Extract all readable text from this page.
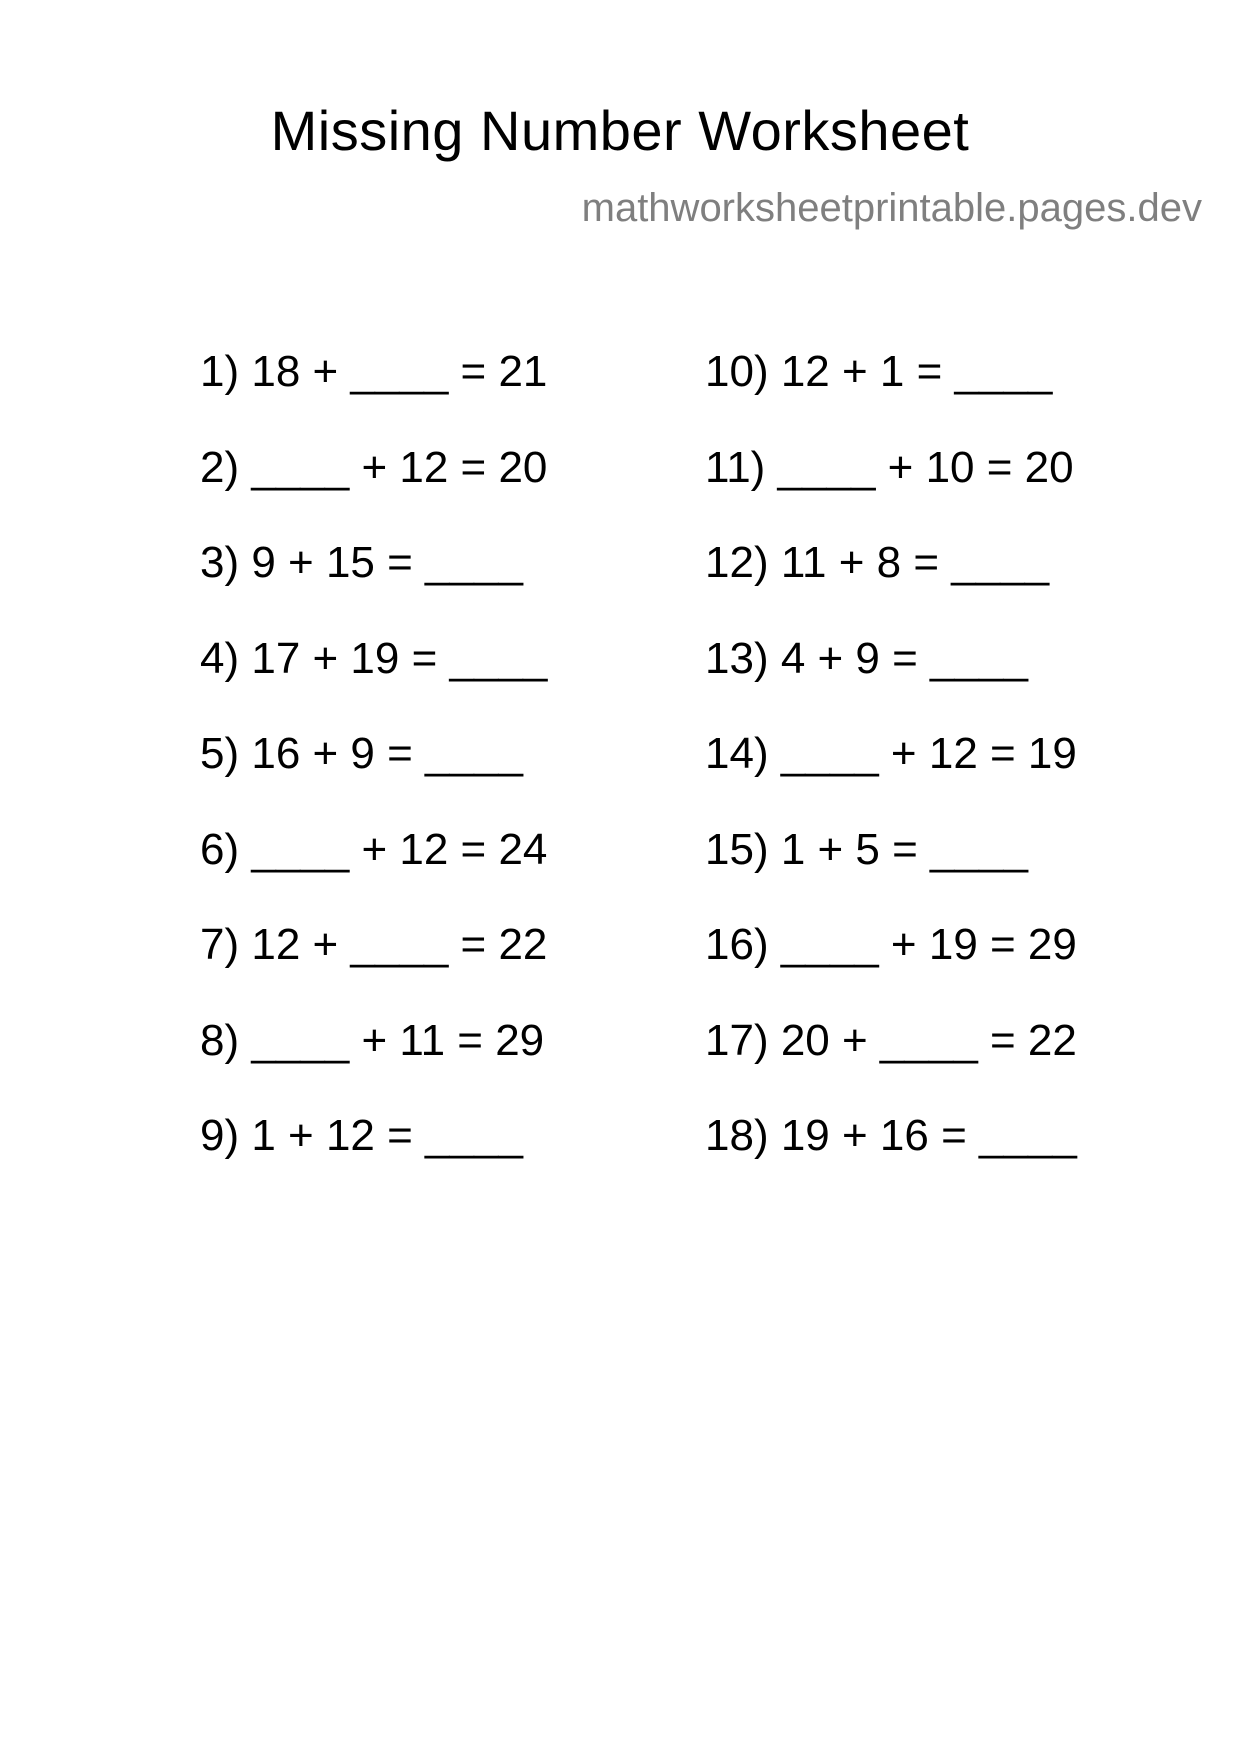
Missing Number Worksheet
mathworksheetprintable.pages.dev
1) 18 + ____ = 21
2) ____ + 12 = 20
3) 9 + 15 = ____
4) 17 + 19 = ____
5) 16 + 9 = ____
6) ____ + 12 = 24
7) 12 + ____ = 22
8) ____ + 11 = 29
9) 1 + 12 = ____
10) 12 + 1 = ____
11) ____ + 10 = 20
12) 11 + 8 = ____
13) 4 + 9 = ____
14) ____ + 12 = 19
15) 1 + 5 = ____
16) ____ + 19 = 29
17) 20 + ____ = 22
18) 19 + 16 = ____
